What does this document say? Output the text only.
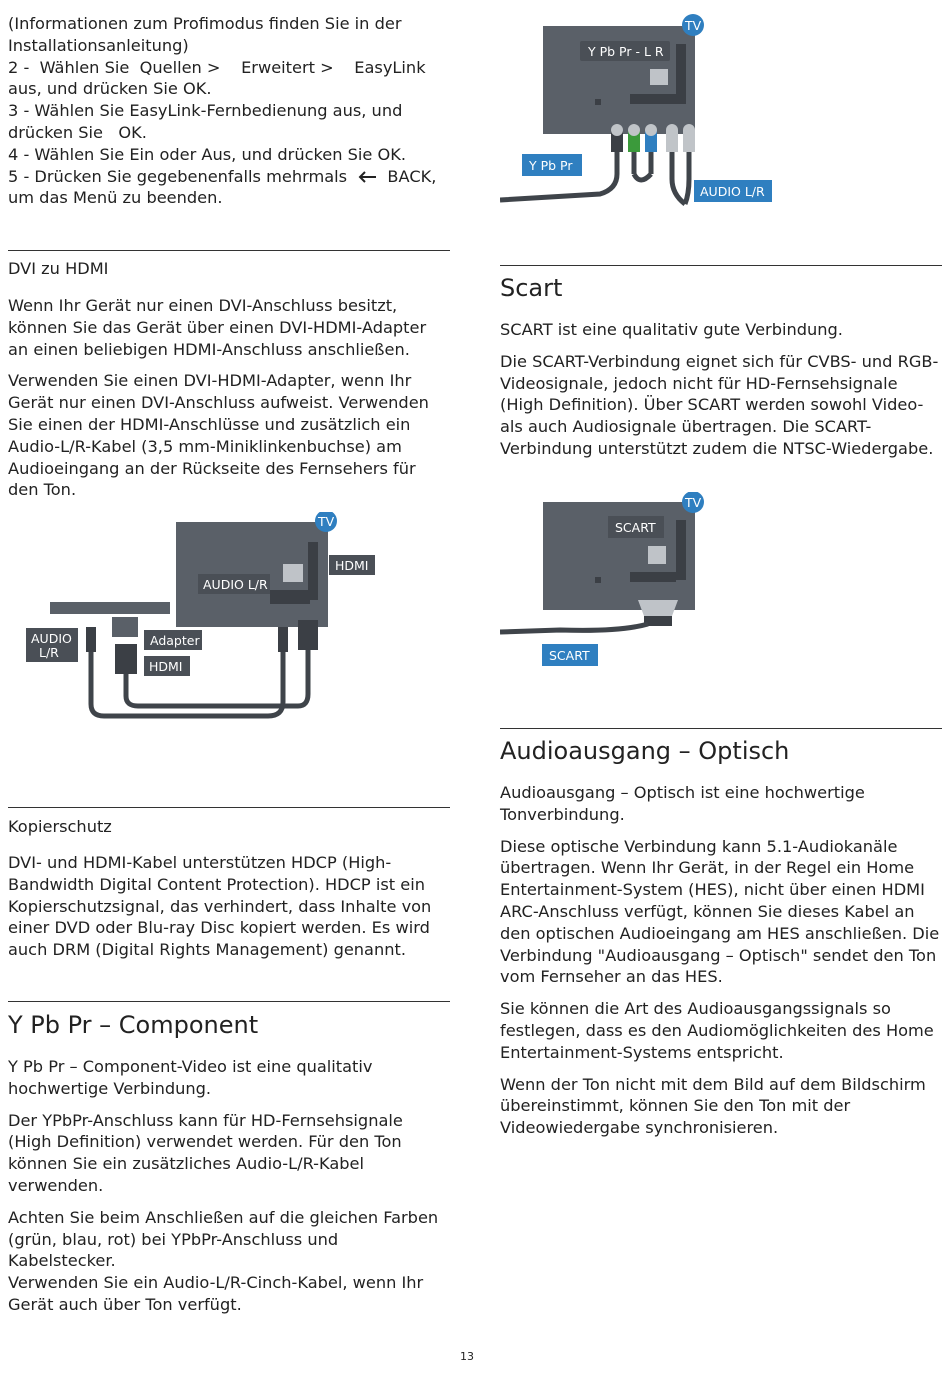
(Informationen zum Profimodus finden Sie in der

Installationsanleitung)

2 -  Wählen Sie  Quellen >    Erweitert >    EasyLink

aus, und drücken Sie OK.

3 - Wählen Sie EasyLink-Fernbedienung aus, und

drücken Sie   OK.

4 - Wählen Sie Ein oder Aus, und drücken Sie OK.

5 - Drücken Sie gegebenenfalls mehrmals BACK,

um das Menü zu beenden.

TV
Y Pb Pr - L R
Y Pb Pr
AUDIO L/R

DVI zu HDMI

Wenn Ihr Gerät nur einen DVI-Anschluss besitzt, können Sie das Gerät über einen DVI-HDMI-Adapter an einen beliebigen HDMI-Anschluss anschließen.

Verwenden Sie einen DVI-HDMI-Adapter, wenn Ihr Gerät nur einen DVI-Anschluss aufweist. Verwenden Sie einen der HDMI-Anschlüsse und zusätzlich ein Audio-L/R-Kabel (3,5 mm-Miniklinkenbuchse) am Audioeingang an der Rückseite des Fernsehers für den Ton.

TV
AUDIO L/R
HDMI
AUDIO
L/R
Adapter
HDMI

Kopierschutz

DVI- und HDMI-Kabel unterstützen HDCP (High-Bandwidth Digital Content Protection). HDCP ist ein Kopierschutzsignal, das verhindert, dass Inhalte von einer DVD oder Blu-ray Disc kopiert werden. Es wird auch DRM (Digital Rights Management) genannt.

Y Pb Pr – Component

Y Pb Pr – Component-Video ist eine qualitativ hochwertige Verbindung.

Der YPbPr-Anschluss kann für HD-Fernsehsignale (High Definition) verwendet werden. Für den Ton können Sie ein zusätzliches Audio-L/R-Kabel verwenden.

Achten Sie beim Anschließen auf die gleichen Farben (grün, blau, rot) bei YPbPr-Anschluss und Kabelstecker.

Verwenden Sie ein Audio-L/R-Cinch-Kabel, wenn Ihr Gerät auch über Ton verfügt.

Scart

SCART ist eine qualitativ gute Verbindung.

Die SCART-Verbindung eignet sich für CVBS- und RGB-Videosignale, jedoch nicht für HD-Fernsehsignale (High Definition). Über SCART werden sowohl Video- als auch Audiosignale übertragen. Die SCART-Verbindung unterstützt zudem die NTSC-Wiedergabe.

TV
SCART
SCART
Audioausgang – Optisch

Audioausgang – Optisch ist eine hochwertige Tonverbindung.

Diese optische Verbindung kann 5.1-Audiokanäle übertragen. Wenn Ihr Gerät, in der Regel ein Home Entertainment-System (HES), nicht über einen HDMI ARC-Anschluss verfügt, können Sie dieses Kabel an den optischen Audioeingang am HES anschließen. Die Verbindung "Audioausgang – Optisch" sendet den Ton vom Fernseher an das HES.

Sie können die Art des Audioausgangssignals so festlegen, dass es den Audiomöglichkeiten des Home Entertainment-Systems entspricht.

Wenn der Ton nicht mit dem Bild auf dem Bildschirm übereinstimmt, können Sie den Ton mit der Videowiedergabe synchronisieren.

13
